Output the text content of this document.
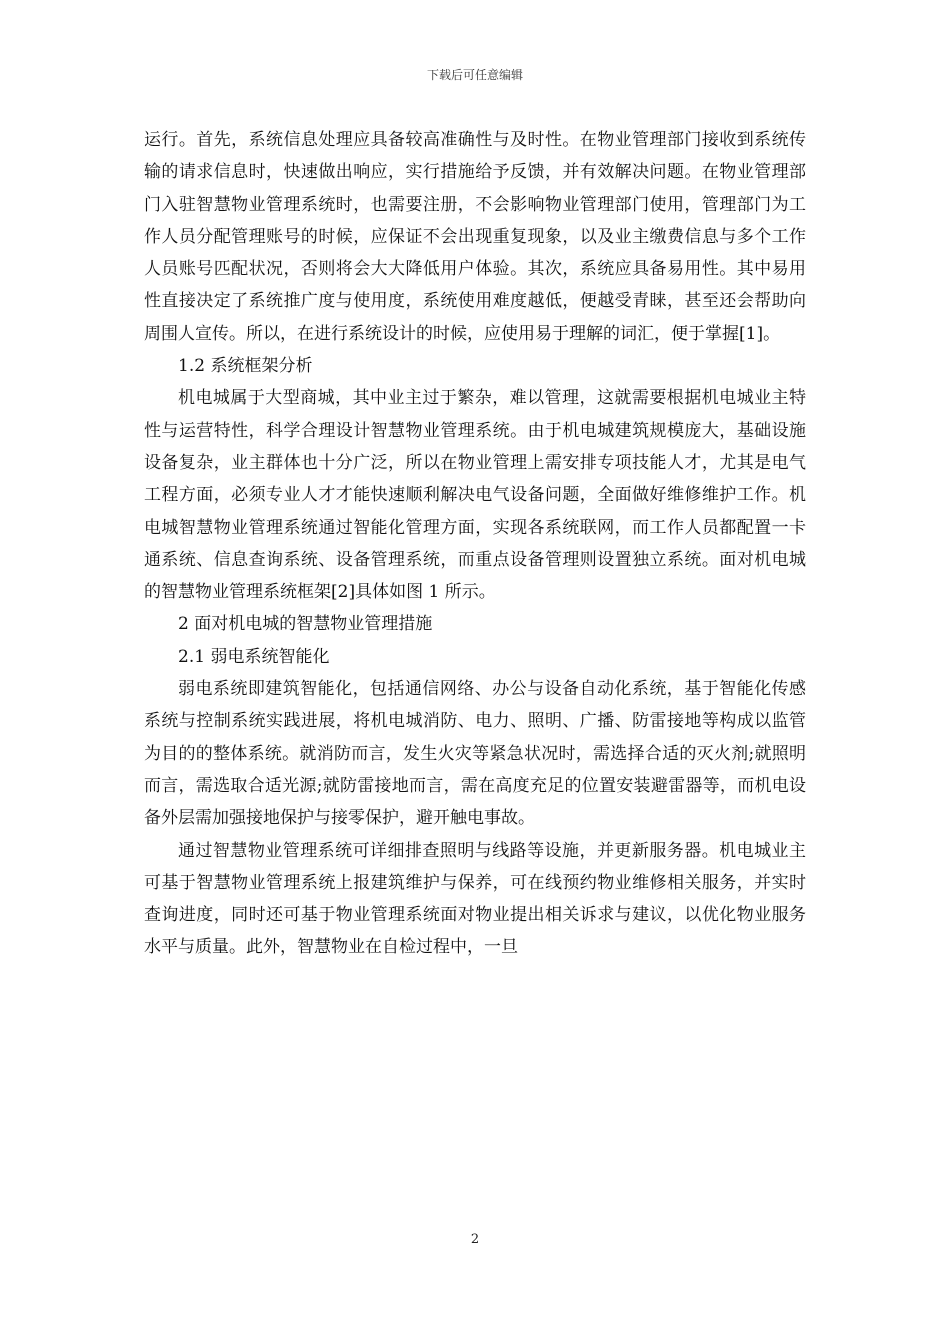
下载后可任意编辑

运行。首先，系统信息处理应具备较高准确性与及时性。在物业管理部门接收到系统传输的请求信息时，快速做出响应，实行措施给予反馈，并有效解决问题。在物业管理部门入驻智慧物业管理系统时，也需要注册，不会影响物业管理部门使用，管理部门为工作人员分配管理账号的时候，应保证不会出现重复现象，以及业主缴费信息与多个工作人员账号匹配状况，否则将会大大降低用户体验。其次，系统应具备易用性。其中易用性直接决定了系统推广度与使用度，系统使用难度越低，便越受青睐，甚至还会帮助向周围人宣传。所以，在进行系统设计的时候，应使用易于理解的词汇，便于掌握[1]。

1.2 系统框架分析

机电城属于大型商城，其中业主过于繁杂，难以管理，这就需要根据机电城业主特性与运营特性，科学合理设计智慧物业管理系统。由于机电城建筑规模庞大，基础设施设备复杂，业主群体也十分广泛，所以在物业管理上需安排专项技能人才，尤其是电气工程方面，必须专业人才才能快速顺利解决电气设备问题，全面做好维修维护工作。机电城智慧物业管理系统通过智能化管理方面，实现各系统联网，而工作人员都配置一卡通系统、信息查询系统、设备管理系统，而重点设备管理则设置独立系统。面对机电城的智慧物业管理系统框架[2]具体如图 1 所示。

2 面对机电城的智慧物业管理措施

2.1 弱电系统智能化

弱电系统即建筑智能化，包括通信网络、办公与设备自动化系统，基于智能化传感系统与控制系统实践进展，将机电城消防、电力、照明、广播、防雷接地等构成以监管为目的的整体系统。就消防而言，发生火灾等紧急状况时，需选择合适的灭火剂;就照明而言，需选取合适光源;就防雷接地而言，需在高度充足的位置安装避雷器等，而机电设备外层需加强接地保护与接零保护，避开触电事故。

通过智慧物业管理系统可详细排查照明与线路等设施，并更新服务器。机电城业主可基于智慧物业管理系统上报建筑维护与保养，可在线预约物业维修相关服务，并实时查询进度，同时还可基于物业管理系统面对物业提出相关诉求与建议，以优化物业服务水平与质量。此外，智慧物业在自检过程中，一旦

2
